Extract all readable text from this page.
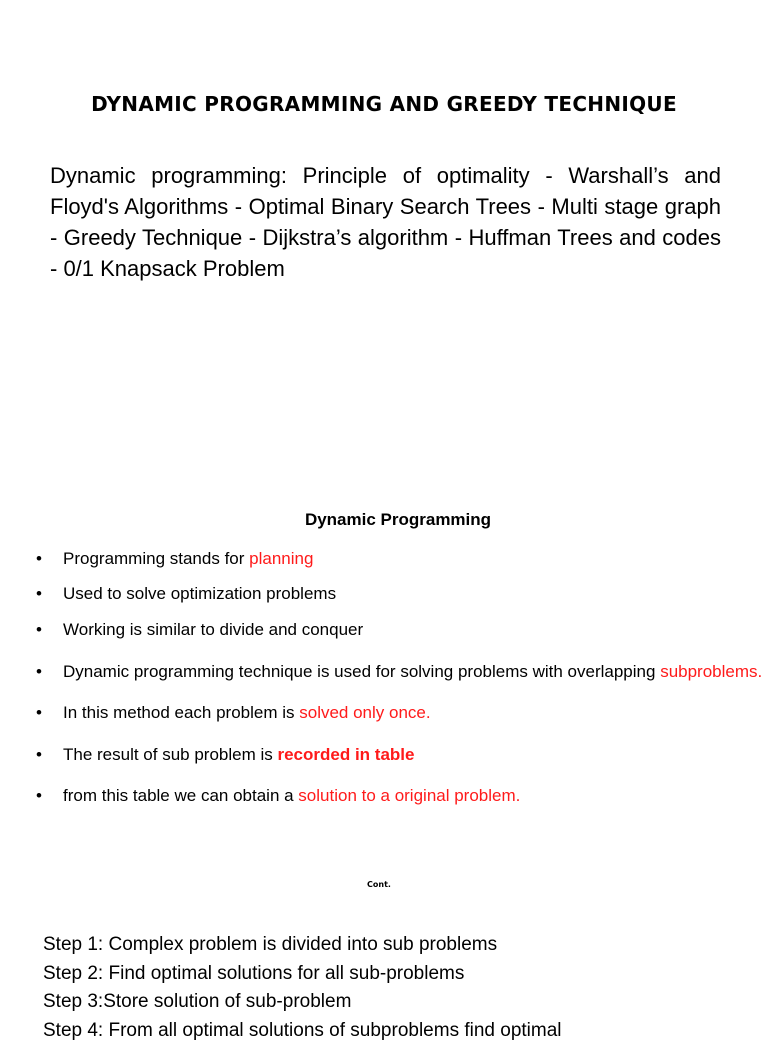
DYNAMIC PROGRAMMING AND GREEDY TECHNIQUE

Dynamic programming: Principle of optimality - Warshall’s and Floyd's Algorithms - Optimal Binary Search Trees - Multi stage graph - Greedy Technique - Dijkstra’s algorithm - Huffman Trees and codes - 0/1 Knapsack Problem

Dynamic Programming
• Programming stands for planning
• Used to solve optimization problems
• Working is similar to divide and conquer
• Dynamic programming technique is used for solving problems with overlapping subproblems.
• In this method each problem is solved only once.
• The result of sub problem is recorded in table
• from this table we can obtain a solution to a original problem.
Cont.
Step 1: Complex problem is divided into sub problems
Step 2: Find optimal solutions for all sub-problems
Step 3:Store solution of sub-problem
Step 4: From all optimal solutions of subproblems find optimal
